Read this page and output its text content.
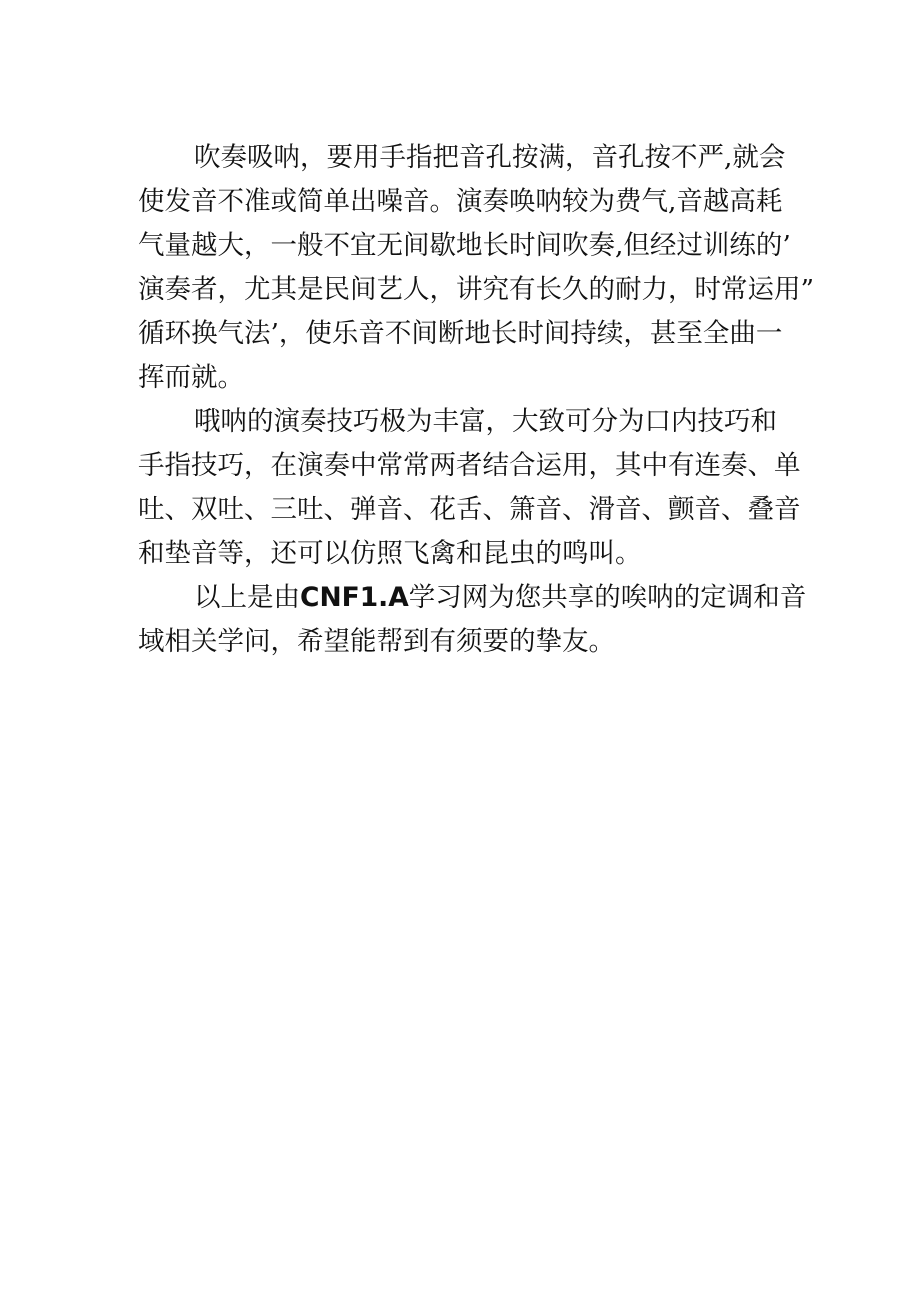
吹奏吸呐，要用手指把音孔按满，音孔按不严,就会
使发音不准或简单出噪音。演奏唤呐较为费气,音越高耗
气量越大，一般不宜无间歇地长时间吹奏,但经过训练的’
演奏者，尤其是民间艺人，讲究有长久的耐力，时常运用”
循环换气法’，使乐音不间断地长时间持续，甚至全曲一
挥而就。
哦呐的演奏技巧极为丰富，大致可分为口内技巧和
手指技巧，在演奏中常常两者结合运用，其中有连奏、单
吐、双吐、三吐、弹音、花舌、箫音、滑音、颤音、叠音
和垫音等，还可以仿照飞禽和昆虫的鸣叫。
以上是由CNF1.A学习网为您共享的唉呐的定调和音
域相关学问，希望能帮到有须要的挚友。
